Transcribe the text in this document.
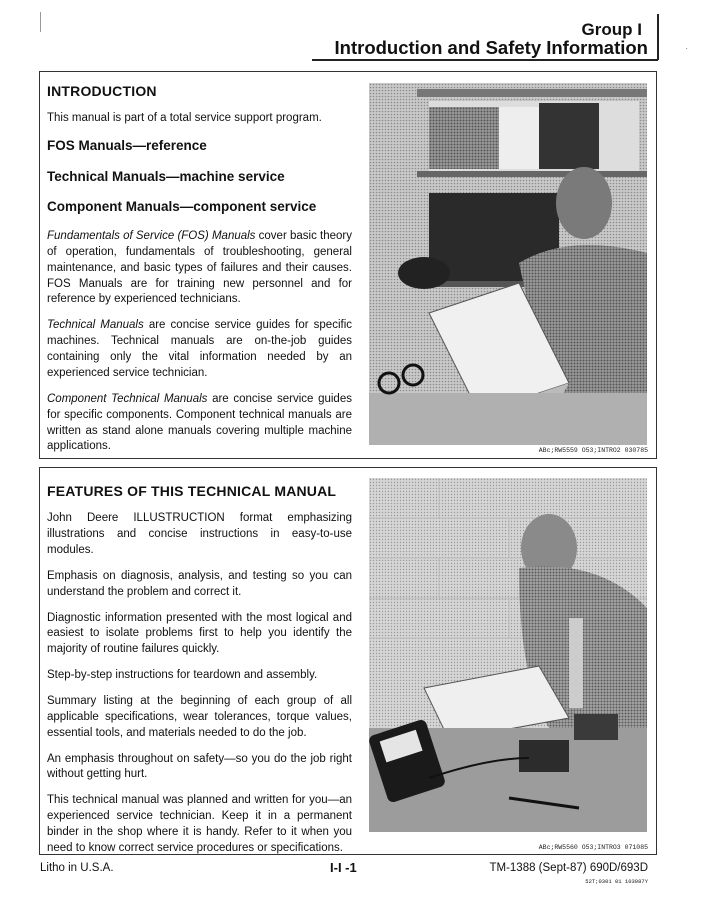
·
Group I
Introduction and Safety Information
INTRODUCTION

This manual is part of a total service support program.

FOS Manuals—reference
Technical Manuals—machine service
Component Manuals—component service

Fundamentals of Service (FOS) Manuals cover basic theory of operation, fundamentals of troubleshooting, general maintenance, and basic types of failures and their causes. FOS Manuals are for training new personnel and for reference by experienced technicians.

Technical Manuals are concise service guides for specific machines. Technical manuals are on-the-job guides containing only the vital information needed by an experienced service technician.

Component Technical Manuals are concise service guides for specific components. Component technical manuals are written as stand alone manuals covering multiple machine applications.	ABc;RW5559 O53;INTRO2 030785
FEATURES OF THIS TECHNICAL MANUAL

John Deere ILLUSTRUCTION format emphasizing illustrations and concise instructions in easy-to-use modules.

Emphasis on diagnosis, analysis, and testing so you can understand the problem and correct it.

Diagnostic information presented with the most logical and easiest to isolate problems first to help you identify the majority of routine failures quickly.

Step-by-step instructions for teardown and assembly.

Summary listing at the beginning of each group of all applicable specifications, wear tolerances, torque values, essential tools, and materials needed to do the job.

An emphasis throughout on safety—so you do the job right without getting hurt.

This technical manual was planned and written for you—an experienced service technician. Keep it in a permanent binder in the shop where it is handy. Refer to it when you need to know correct service procedures or specifications.	ABc;RW5560 O53;INTRO3 071085
Litho in U.S.A.	I-I -1	TM-1388 (Sept-87) 690D/693D
52T;0301 01 103087Y
